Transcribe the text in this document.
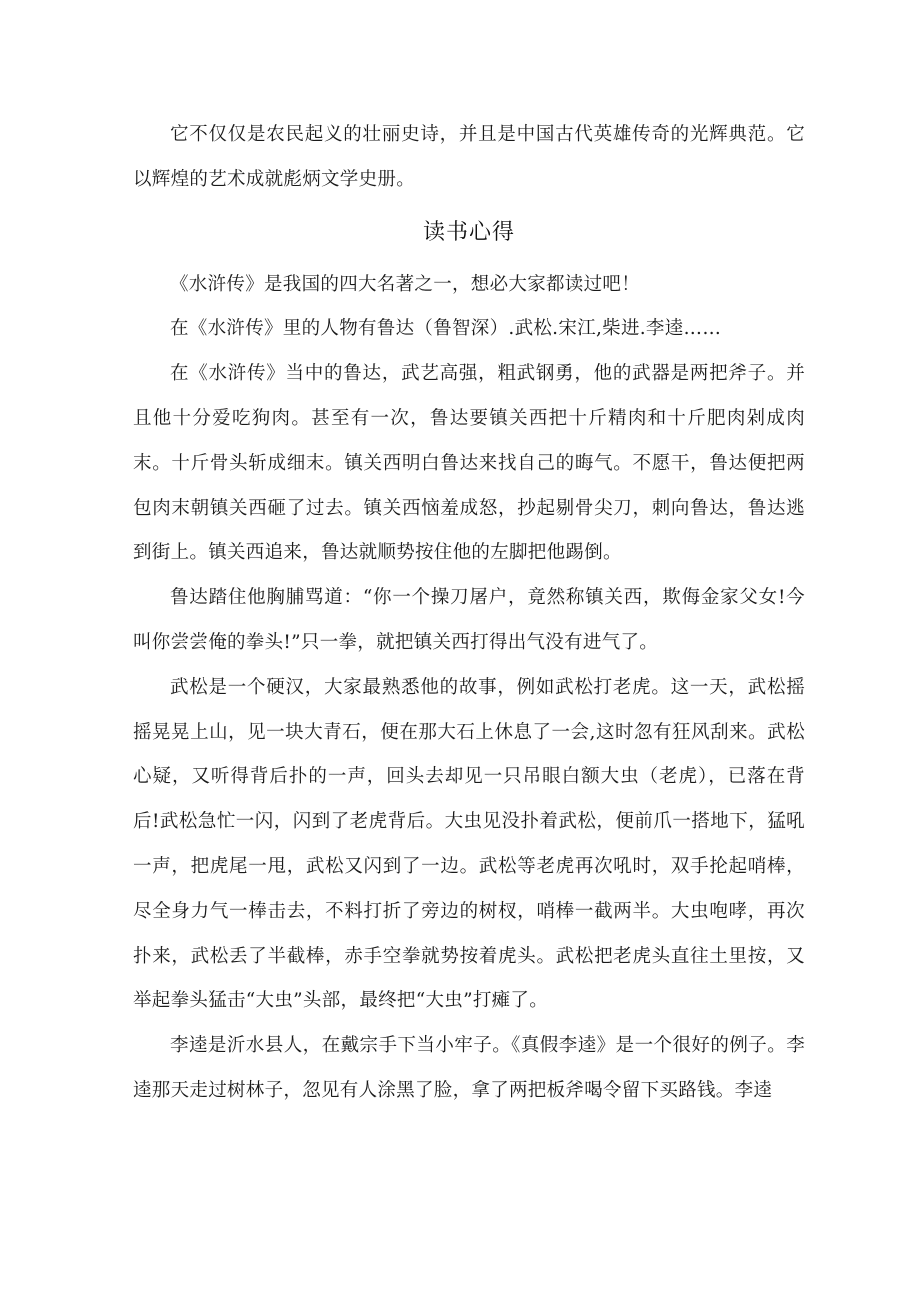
它不仅仅是农民起义的壮丽史诗，并且是中国古代英雄传奇的光辉典范。它以辉煌的艺术成就彪炳文学史册。

读书心得

《水浒传》是我国的四大名著之一，想必大家都读过吧！

在《水浒传》里的人物有鲁达（鲁智深）.武松.宋江,柴进.李逵……

在《水浒传》当中的鲁达，武艺高强，粗武钢勇，他的武器是两把斧子。并且他十分爱吃狗肉。甚至有一次，鲁达要镇关西把十斤精肉和十斤肥肉剁成肉末。十斤骨头斩成细末。镇关西明白鲁达来找自己的晦气。不愿干，鲁达便把两包肉末朝镇关西砸了过去。镇关西恼羞成怒，抄起剔骨尖刀，刺向鲁达，鲁达逃到街上。镇关西追来，鲁达就顺势按住他的左脚把他踢倒。

鲁达踏住他胸脯骂道：“你一个操刀屠户，竟然称镇关西，欺侮金家父女!今叫你尝尝俺的拳头!”只一拳，就把镇关西打得出气没有进气了。

武松是一个硬汉，大家最熟悉他的故事，例如武松打老虎。这一天，武松摇摇晃晃上山，见一块大青石，便在那大石上休息了一会,这时忽有狂风刮来。武松心疑，又听得背后扑的一声，回头去却见一只吊眼白额大虫（老虎），已落在背后!武松急忙一闪，闪到了老虎背后。大虫见没扑着武松，便前爪一搭地下，猛吼一声，把虎尾一甩，武松又闪到了一边。武松等老虎再次吼时，双手抡起哨棒，尽全身力气一棒击去，不料打折了旁边的树杈，哨棒一截两半。大虫咆哮，再次扑来，武松丢了半截棒，赤手空拳就势按着虎头。武松把老虎头直往土里按，又举起拳头猛击“大虫”头部，最终把“大虫”打瘫了。

李逵是沂水县人，在戴宗手下当小牢子。《真假李逵》是一个很好的例子。李逵那天走过树林子，忽见有人涂黑了脸，拿了两把板斧喝令留下买路钱。李逵
